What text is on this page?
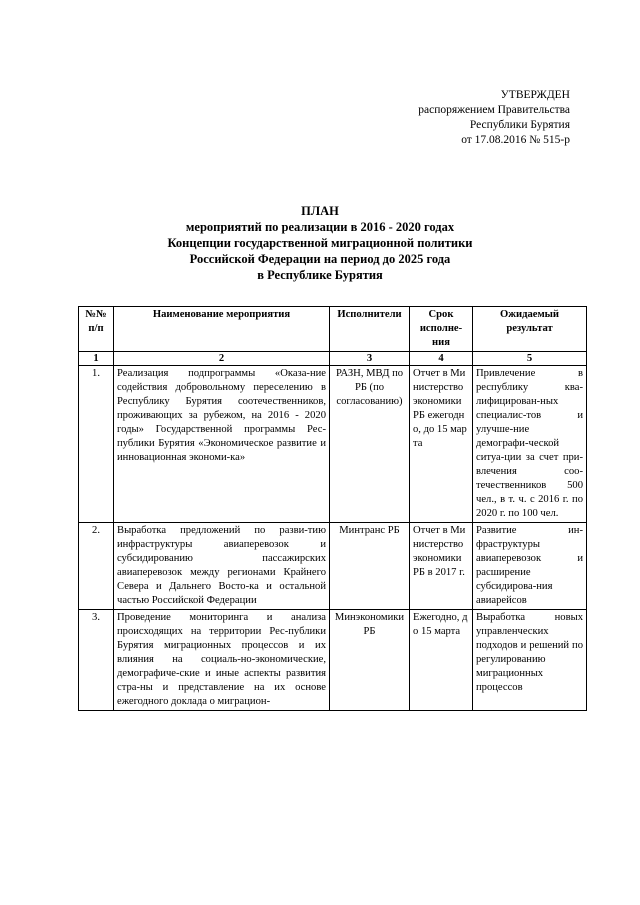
УТВЕРЖДЕН
распоряжением Правительства
Республики Бурятия
от 17.08.2016 № 515-р
ПЛАН
мероприятий по реализации в 2016 - 2020 годах
Концепции государственной миграционной политики
Российской Федерации на период до 2025 года
в Республике Бурятия
№№ п/п	Наименование мероприятия	Исполнители	Срок исполне-ния	Ожидаемый результат
1	2	3	4	5
1.	Реализация подпрограммы «Оказа-ние содействия добровольному переселению в Республику Бурятия соотечественников, проживающих за рубежом, на 2016 - 2020 годы» Государственной программы Рес-публики Бурятия «Экономическое развитие и инновационная экономи-ка»	РАЗН, МВД по РБ (по согласованию)	Отчет в Министерство экономики РБ ежегодно, до 15 марта	Привлечение в республику ква-лифицирован-ных специалис-тов и улучше-ние демографи-ческой ситуа-ции за счет при-влечения соо-течественников 500 чел., в т. ч. с 2016 г. по 2020 г. по 100 чел.
2.	Выработка предложений по разви-тию инфраструктуры авиаперевозок и субсидированию пассажирских авиаперевозок между регионами Крайнего Севера и Дальнего Восто-ка и остальной частью Российской Федерации	Минтранс РБ	Отчет в Министерство экономики РБ в 2017 г.	Развитие ин-фраструктуры авиаперевозок и расширение субсидирова-ния авиарейсов
3.	Проведение мониторинга и анализа происходящих на территории Рес-публики Бурятия миграционных процессов и их влияния на социаль-но-экономические, демографиче-ские и иные аспекты развития стра-ны и представление на их основе ежегодного доклада о миграцион-	Минэкономики РБ	Ежегодно, до 15 марта	Выработка новых управленческих подходов и решений по регулированию миграционных процессов
